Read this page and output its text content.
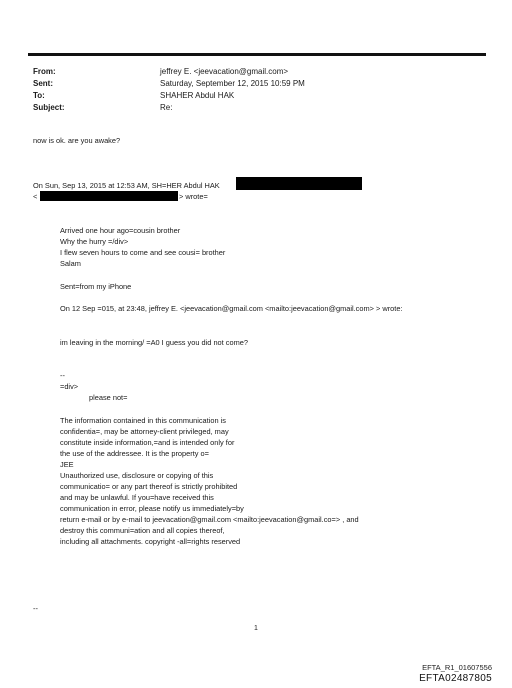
From:
Sent:
To:
Subject:
jeffrey E. <jeevacation@gmail.com>
Saturday, September 12, 2015 10:59 PM
SHAHER Abdul HAK
Re:
now is ok. are you awake?
On Sun, Sep 13, 2015 at 12:53 AM, SH=HER Abdul HAK
<	> wrote=
Arrived one hour ago=cousin brother
Why the hurry =/div>
I flew seven hours to come and see cousi= brother
Salam
Sent=from my iPhone
On 12 Sep =015, at 23:48, jeffrey E. <jeevacation@gmail.com <mailto:jeevacation@gmail.com> > wrote:
im leaving in the morning/ =A0 I guess you did not come?
--
=div>
please not=
The information contained in this communication is
confidentia=, may be attorney-client privileged, may
constitute inside information,=and is intended only for
the use of the addressee. It is the property o=
JEE
Unauthorized use, disclosure or copying of this
communicatio= or any part thereof is strictly prohibited
and may be unlawful. If you=have received this
communication in error, please notify us immediately=by
return e-mail or by e-mail to jeevacation@gmail.com <mailto:jeevacation@gmail.co=> , and
destroy this communi=ation and all copies thereof,
including all attachments. copyright -all=rights reserved
--
1
EFTA_R1_01607556
EFTA02487805
